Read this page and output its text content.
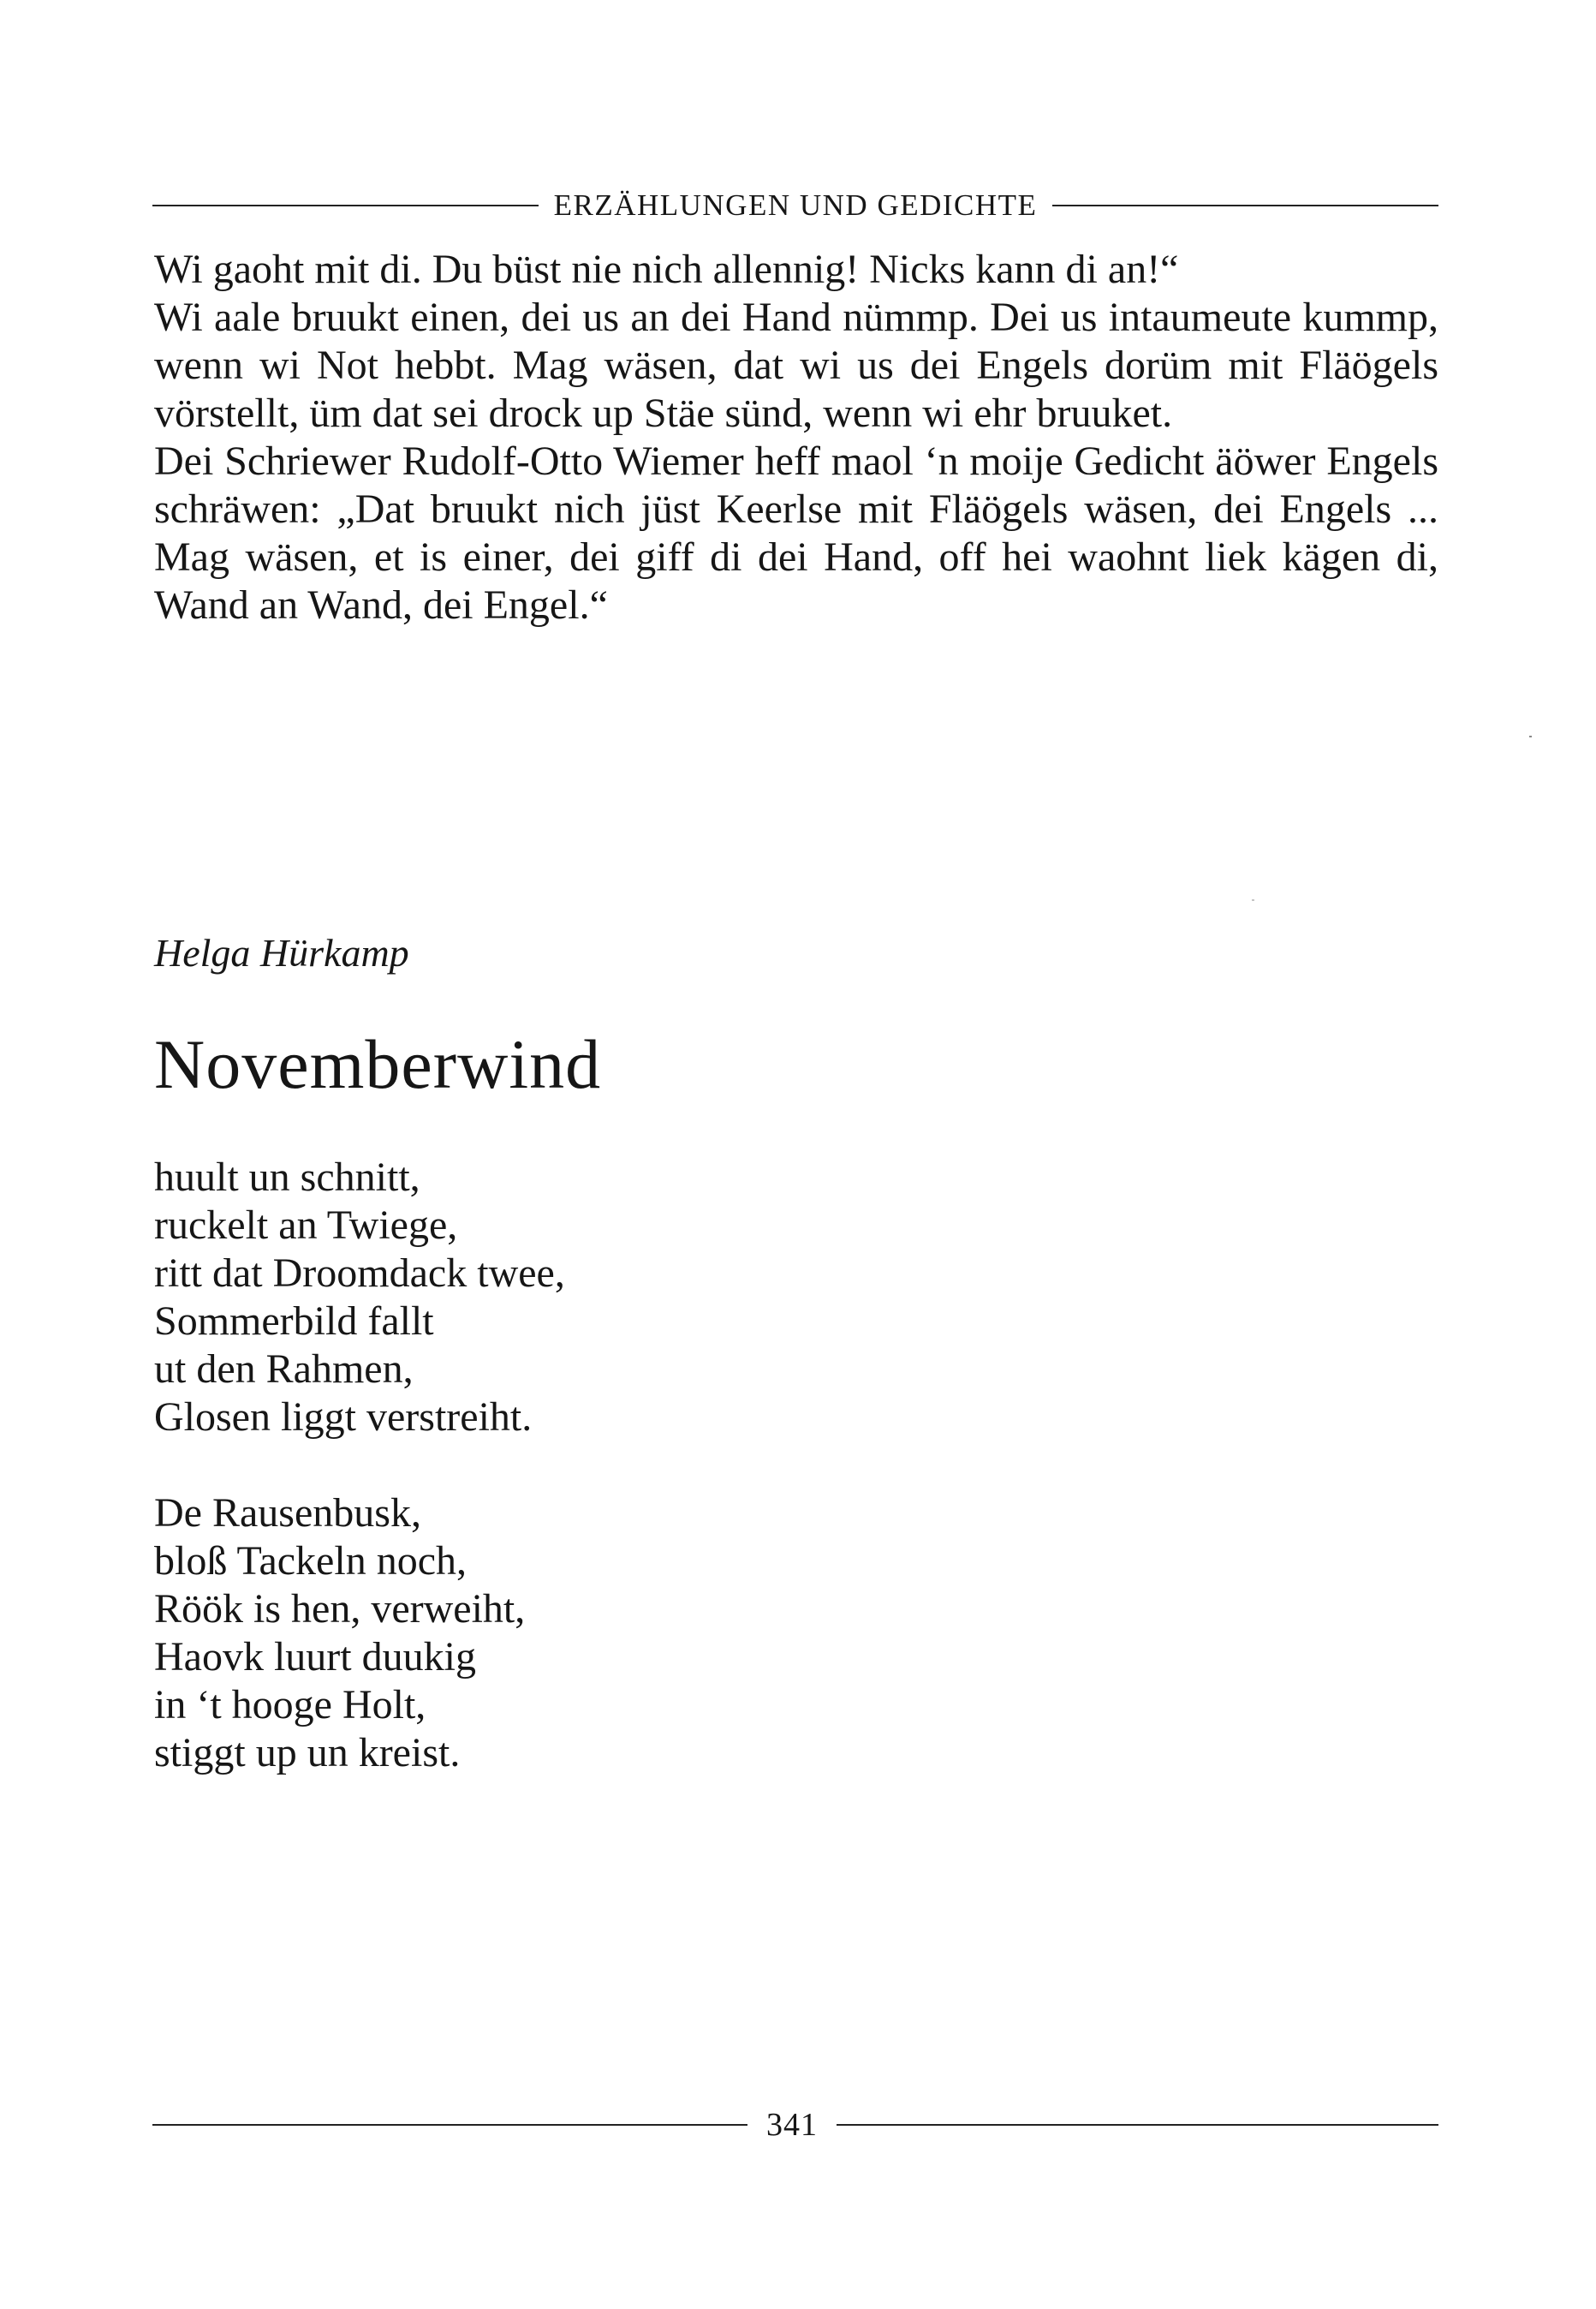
ERZÄHLUNGEN UND GEDICHTE

Wi gaoht mit di. Du büst nie nich allennig! Nicks kann di an!“

Wi aale bruukt einen, dei us an dei Hand nümmp. Dei us intaumeute kummp, wenn wi Not hebbt. Mag wäsen, dat wi us dei Engels dorüm mit Fläögels vörstellt, üm dat sei drock up Stäe sünd, wenn wi ehr bruuket.

Dei Schriewer Rudolf-Otto Wiemer heff maol ‘n moije Gedicht äöwer Engels schräwen: „Dat bruukt nich jüst Keerlse mit Fläögels wäsen, dei Engels ... Mag wäsen, et is einer, dei giff di dei Hand, off hei waohnt liek kägen di, Wand an Wand, dei Engel.“

Helga Hürkamp
Novemberwind
huult un schnitt,
ruckelt an Twiege,
ritt dat Droomdack twee,
Sommerbild fallt
ut den Rahmen,
Glosen liggt verstreiht.
De Rausenbusk,
bloß Tackeln noch,
Röök is hen, verweiht,
Haovk luurt duukig
in ‘t hooge Holt,
stiggt up un kreist.
341
